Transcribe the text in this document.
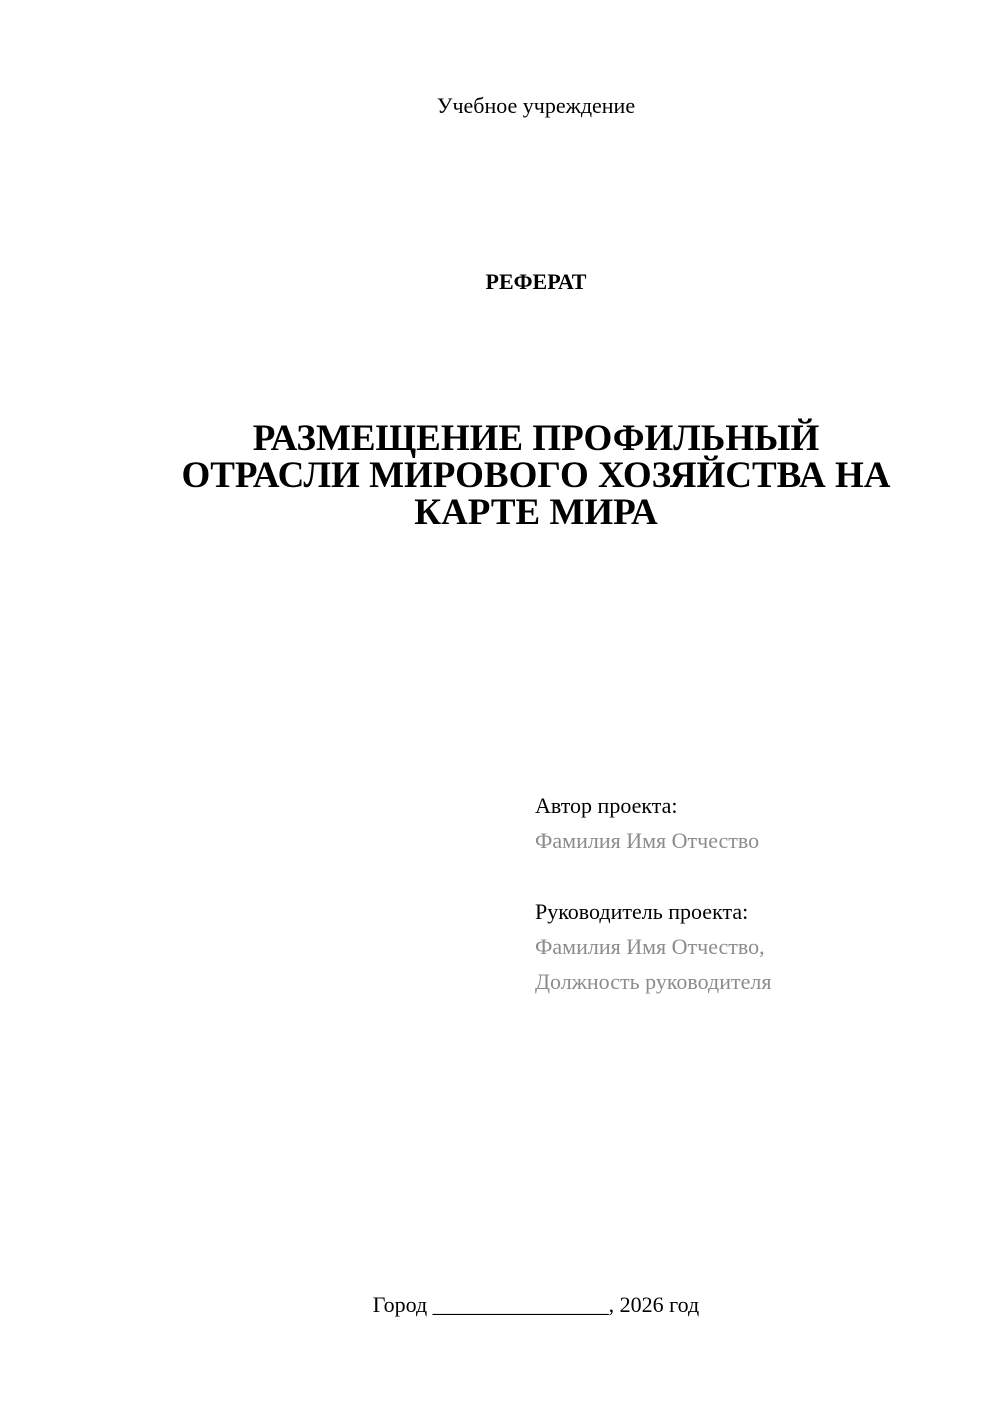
Учебное учреждение
РЕФЕРАТ
РАЗМЕЩЕНИЕ ПРОФИЛЬНЫЙ
ОТРАСЛИ МИРОВОГО ХОЗЯЙСТВА НА
КАРТЕ МИРА
Автор проекта:
Фамилия Имя Отчество
Руководитель проекта:
Фамилия Имя Отчество,
Должность руководителя
Город ________________, 2026 год
